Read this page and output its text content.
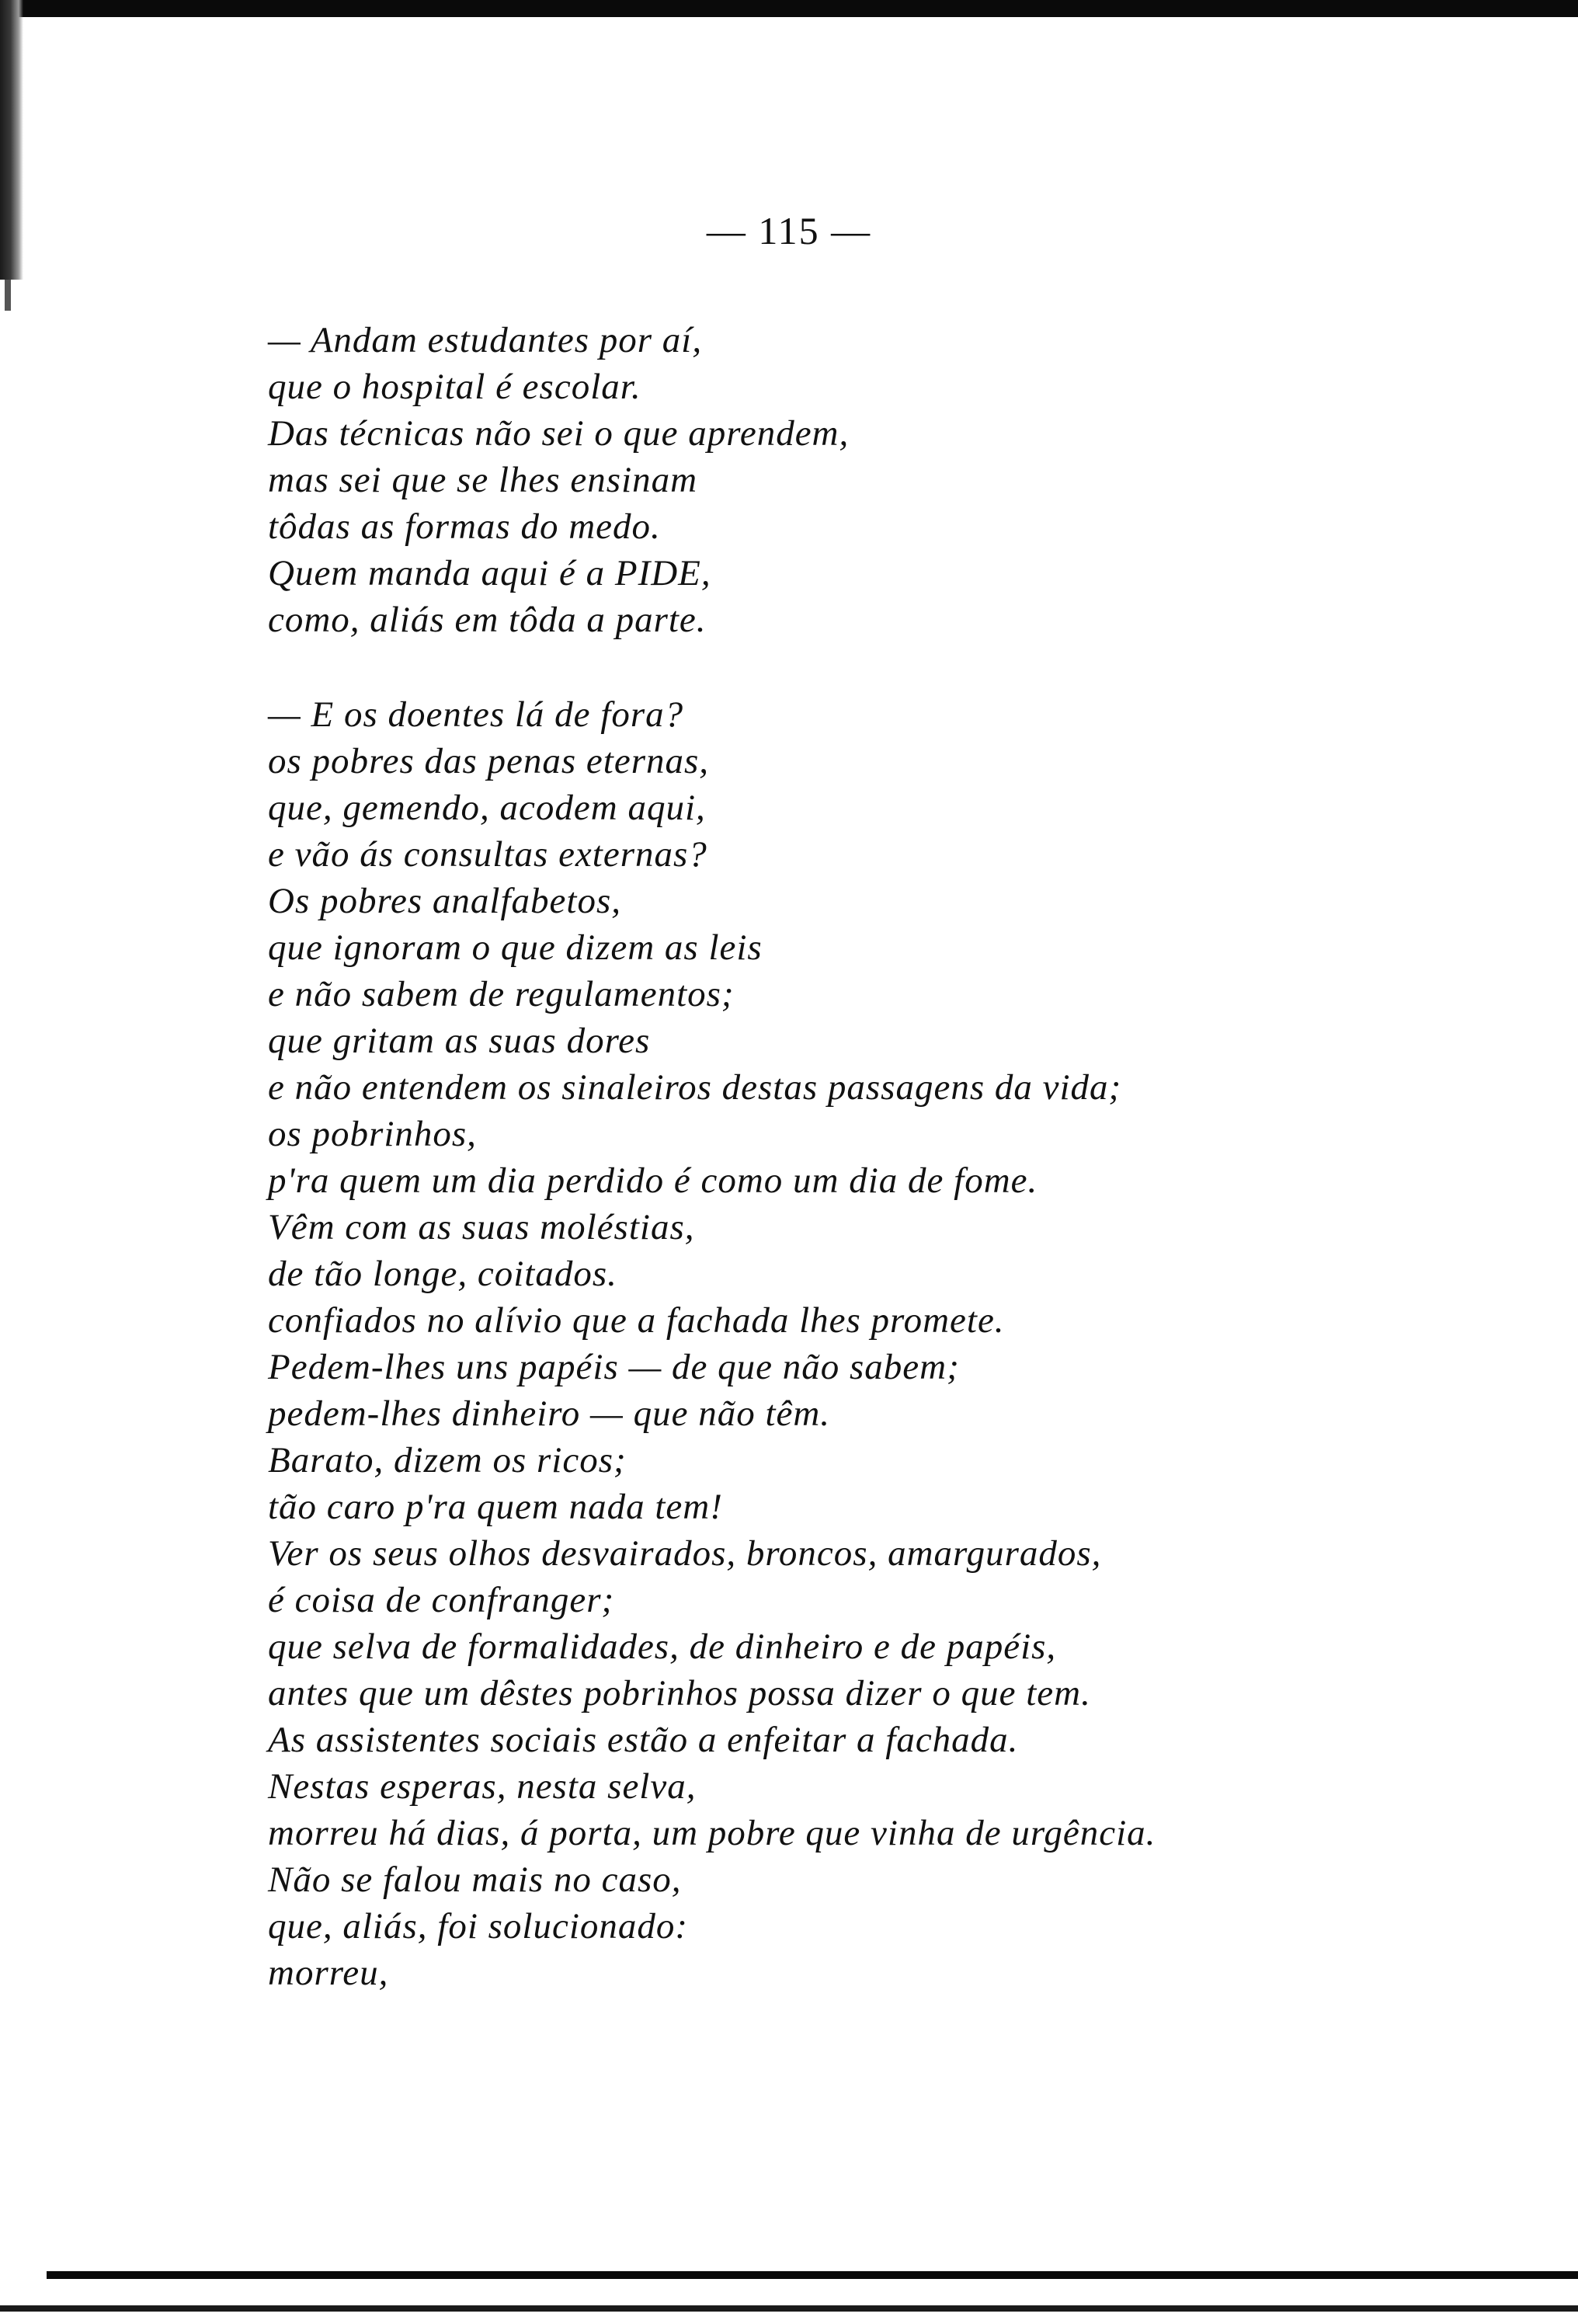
— 115 —
— Andam estudantes por aí,
que o hospital é escolar.
Das técnicas não sei o que aprendem,
mas sei que se lhes ensinam
tôdas as formas do medo.
Quem manda aqui é a PIDE,
como, aliás em tôda a parte.
— E os doentes lá de fora?
os pobres das penas eternas,
que, gemendo, acodem aqui,
e vão ás consultas externas?
Os pobres analfabetos,
que ignoram o que dizem as leis
e não sabem de regulamentos;
que gritam as suas dores
e não entendem os sinaleiros destas passagens da vida;
os pobrinhos,
p'ra quem um dia perdido é como um dia de fome.
Vêm com as suas moléstias,
de tão longe, coitados.
confiados no alívio que a fachada lhes promete.
Pedem-lhes uns papéis — de que não sabem;
pedem-lhes dinheiro — que não têm.
Barato, dizem os ricos;
tão caro p'ra quem nada tem!
Ver os seus olhos desvairados, broncos, amargurados,
é coisa de confranger;
que selva de formalidades, de dinheiro e de papéis,
antes que um dêstes pobrinhos possa dizer o que tem.
As assistentes sociais estão a enfeitar a fachada.
Nestas esperas, nesta selva,
morreu há dias, á porta, um pobre que vinha de urgência.
Não se falou mais no caso,
que, aliás, foi solucionado:
morreu,
